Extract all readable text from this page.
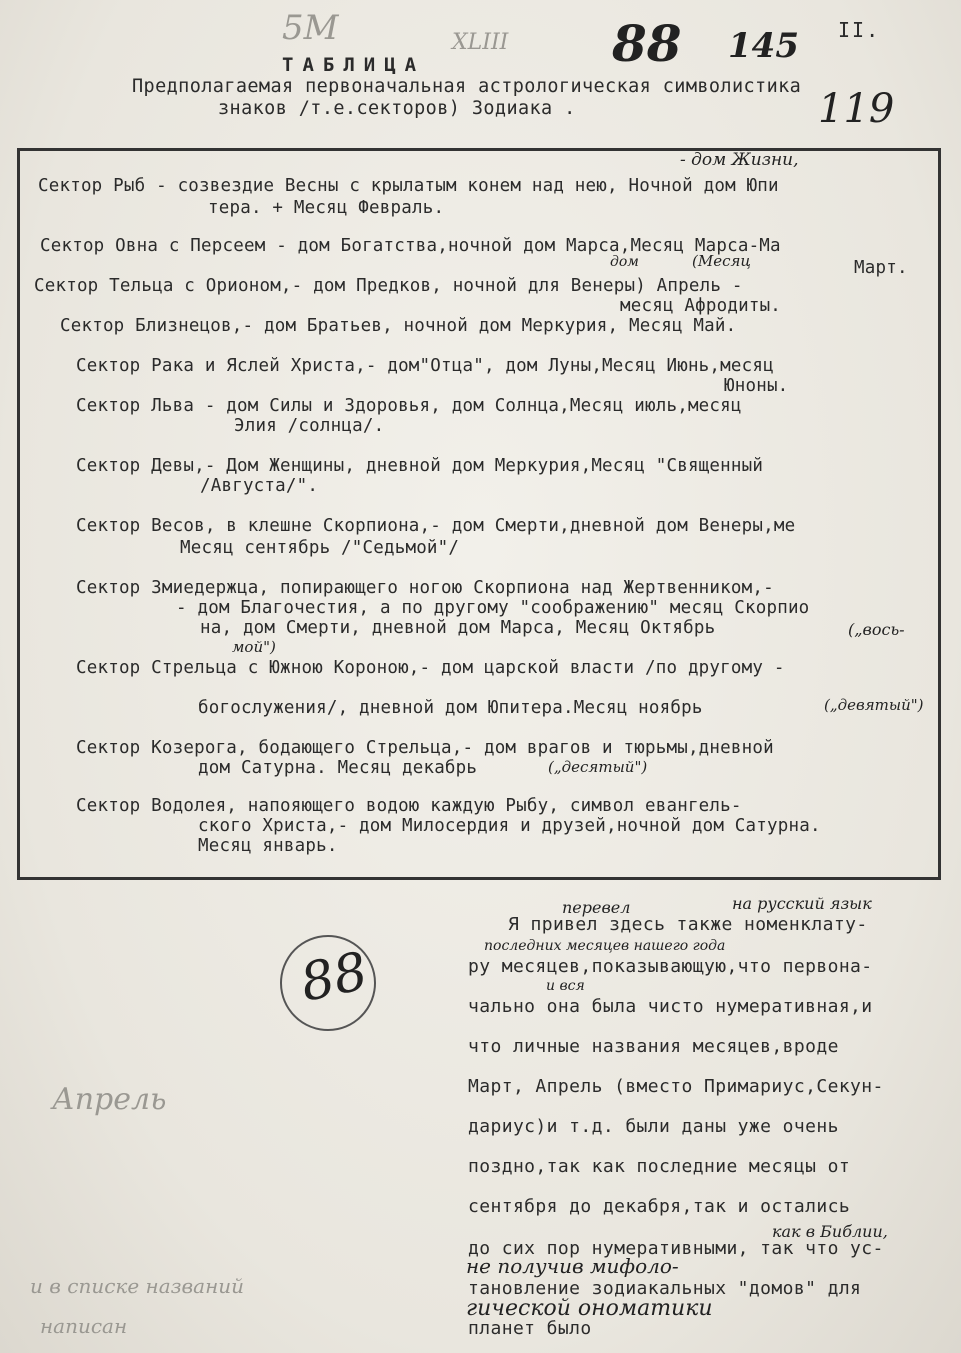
5M	XLIII 88 145 II.
119
ТАБЛИЦА
Предполагаемая первоначальная астрологическая символистика
знаков /т.е.секторов) Зодиака .
- дом Жизни,
дом	(Месяц
(„вось-
мой")
(„девятый")
(„десятый")
Сектор Рыб - созвездие Весны с крылатым конем над нею, Ночной дом Юпи
тера. + Месяц Февраль.
Сектор Овна с Персеем - дом Богатства,ночной дом Марса,Месяц Марса-Ма
Март.
Сектор Тельца с Орионом,- дом Предков, ночной для Венеры) Апрель -
месяц Афродиты.
Сектор Близнецов,- дом Братьев, ночной дом Меркурия, Месяц Май.
Сектор Рака и Яслей Христа,- дом"Отца", дом Луны,Месяц Июнь,месяц
Юноны.
Сектор Льва - дом Силы и Здоровья, дом Солнца,Месяц июль,месяц
Элия /солнца/.
Сектор Девы,- Дом Женщины, дневной дом Меркурия,Месяц "Священный
/Августа/".
Сектор Весов, в клешне Скорпиона,- дом Смерти,дневной дом Венеры,ме
Месяц сентябрь /"Седьмой"/
Сектор Змиедержца, попирающего ногою Скорпиона над Жертвенником,-
- дом Благочестия, а по другому "соображению" месяц Скорпио
на, дом Смерти, дневной дом Марса, Месяц Октябрь
Сектор Стрельца с Южною Короною,- дом царской власти /по другому -
богослужения/, дневной дом Юпитера.Месяц ноябрь
Сектор Козерога, бодающего Стрельца,- дом врагов и тюрьмы,дневной
дом Сатурна. Месяц декабрь
Сектор Водолея, напояющего водою каждую Рыбу, символ евангель-
ского Христа,- дом Милосердия и друзей,ночной дом Сатурна.
Месяц январь.
88
Апрель
и в списке названий
написан
перевел	на русский язык
последних месяцев нашего года
и вся
как в Библии,
не получив мифоло-
гической ономатики
Я привел здесь также номенклату-
ру месяцев,показывающую,что первона-
чально она была чисто нумеративная,и
что личные названия месяцев,вроде
Март, Апрель (вместо Примариус,Секун-
дариус)и т.д. были даны уже очень
поздно,так как последние месяцы от
сентября до декабря,так и остались
до сих пор нумеративными, так что ус-
тановление зодиакальных "домов" для
планет было
